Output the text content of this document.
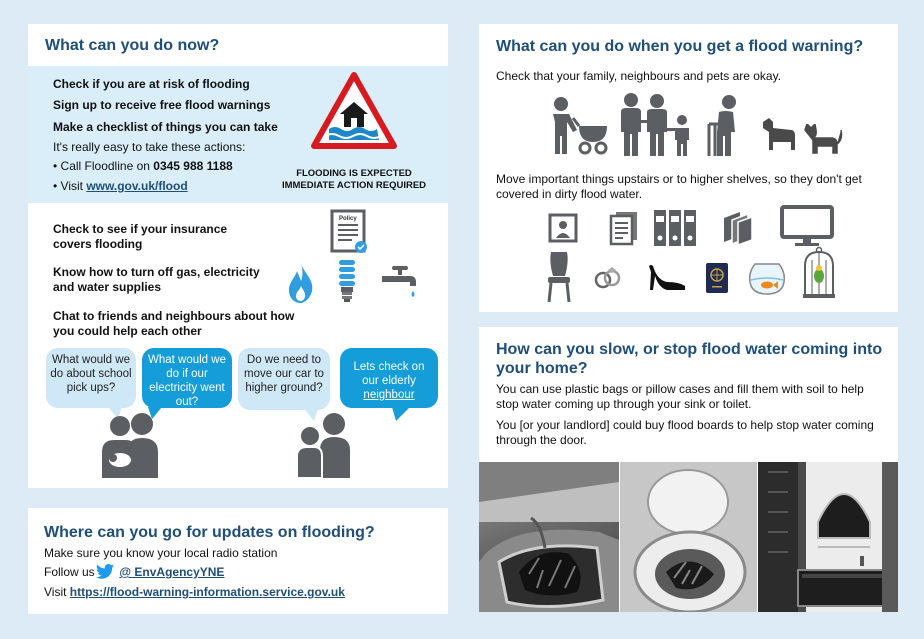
What can you do now?
Check if you are at risk of flooding
Sign up to receive free flood warnings
Make a checklist of things you can take
It's really easy to take these actions:
• Call Floodline on 0345 988 1188
• Visit www.gov.uk/flood
FLOODING IS EXPECTED
IMMEDIATE ACTION REQUIRED
Check to see if your insurance covers flooding
Know how to turn off gas, electricity and water supplies
Chat to friends and neighbours about how you could help each other
Policy
What would we do about school pick ups?
What would we do if our electricity went out?
Do we need to move our car to higher ground?
Lets check on our elderly neighbour
Where can you go for updates on flooding?
Make sure you know your local radio station
Follow us @ EnvAgencyYNE
Visit https://flood-warning-information.service.gov.uk
What can you do when you get a flood warning?
Check that your family, neighbours and pets are okay.
Move important things upstairs or to higher shelves, so they don't get covered in dirty flood water.
How can you slow, or stop flood water coming into your home?
You can use plastic bags or pillow cases and fill them with soil to help stop water coming up through your sink or toilet.
You [or your landlord] could buy flood boards to help stop water coming through the door.
